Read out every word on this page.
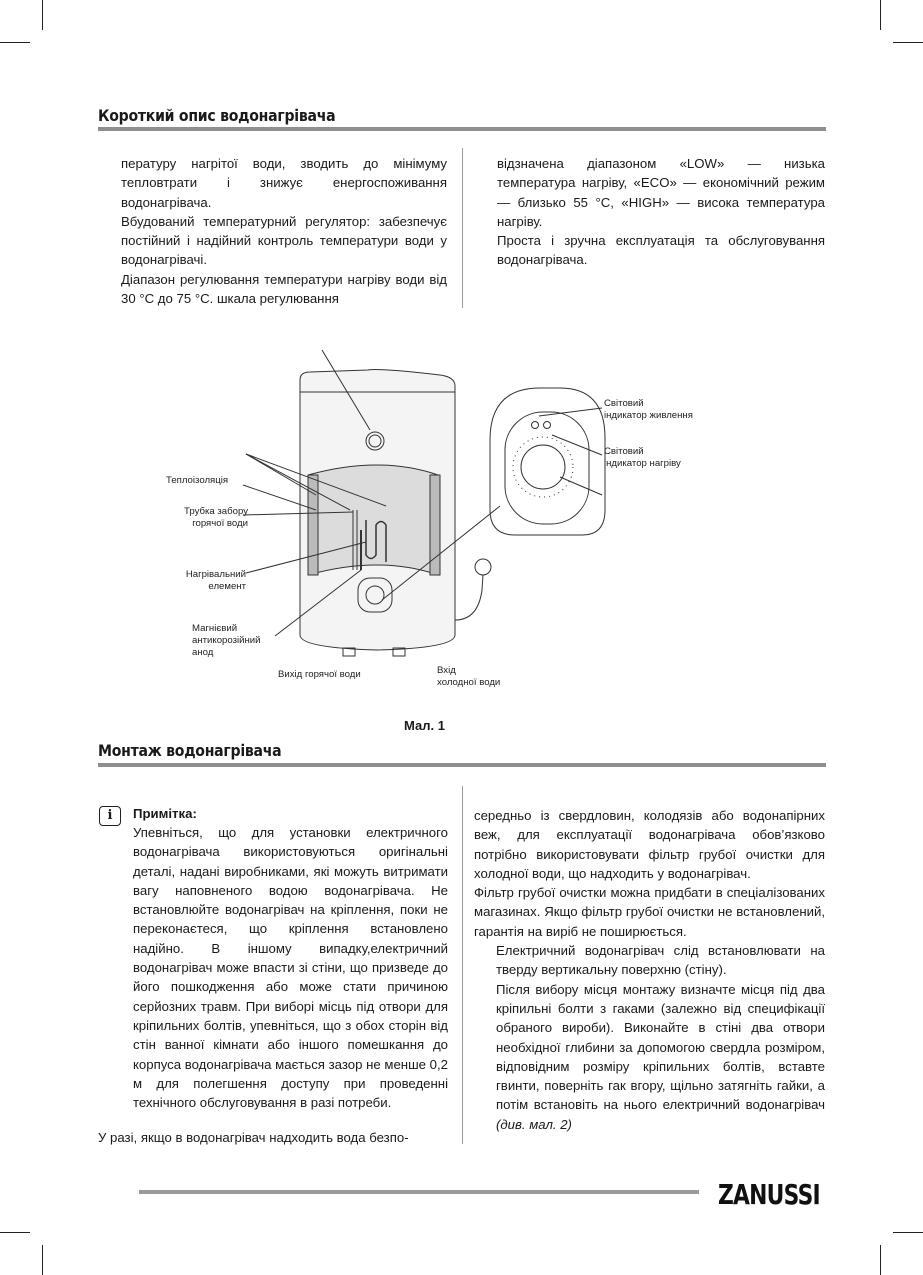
Короткий опис водонагрівача

пературу нагрітої води, зводить до мінімуму тепловтрати і знижує енергоспоживання водонагрівача.

Вбудований температурний регулятор: забезпечує постійний і надійний контроль температури води у водонагрівачі.

Діапазон регулювання температури нагріву води від 30 °C до 75 °C. шкала регулювання

відзначена діапазоном «LOW» — низька температура нагріву, «ECO» — економічний режим — близько 55 °C, «HIGH» — висока температура нагріву.

Проста і зручна експлуатація та обслуговування водонагрівача.

Теплоізоляція
Трубка забору
горячої води
Нагрівальний
елемент
Магнієвий
антикорозійний
анод
Вихід горячої води	Вхід
холодної води
Світовий
індикатор живлення
Світовий
індикатор нагріву
Мал. 1
Монтаж водонагрівача
i	Примітка:

Упевніться, що для установки електричного водонагрівача використовуються оригінальні деталі, надані виробниками, які можуть витримати вагу наповненого водою водонагрівача. Не встановлюйте водонагрівач на кріплення, поки не переконаєтеся, що кріплення встановлено надійно. В іншому випадку,електричний водонагрівач може впасти зі стіни, що призведе до його пошкодження або може стати причиною серйозних травм. При виборі місць під отвори для кріпильних болтів, упевніться, що з обох сторін від стін ванної кімнати або іншого помешкання до корпуса водонагрівача мається зазор не менше 0,2 м для полегшення доступу при проведенні технічного обслуговування в разі потреби.

У разі, якщо в водонагрівач надходить вода безпо-

середньо із свердловин, колодязів або водонапірних веж, для експлуатації водонагрівача обов’язково потрібно використовувати фільтр грубої очистки для холодної води, що надходить у водонагрівач.

Фільтр грубої очистки можна придбати в спеціалізованих магазинах. Якщо фільтр грубої очистки не встановлений, гарантія на виріб не поширюється.

Електричний водонагрівач слід встановлювати на тверду вертикальну поверхню (стіну).

Після вибору місця монтажу визначте місця під два кріпильні болти з гаками (залежно від специфікації обраного вироби). Виконайте в стіні два отвори необхідної глибини за допомогою свердла розміром, відповідним розміру кріпильних болтів, вставте гвинти, поверніть гак вгору, щільно затягніть гайки, а потім встановіть на нього електричний водонагрівач (див. мал. 2)

ZANUSSI
